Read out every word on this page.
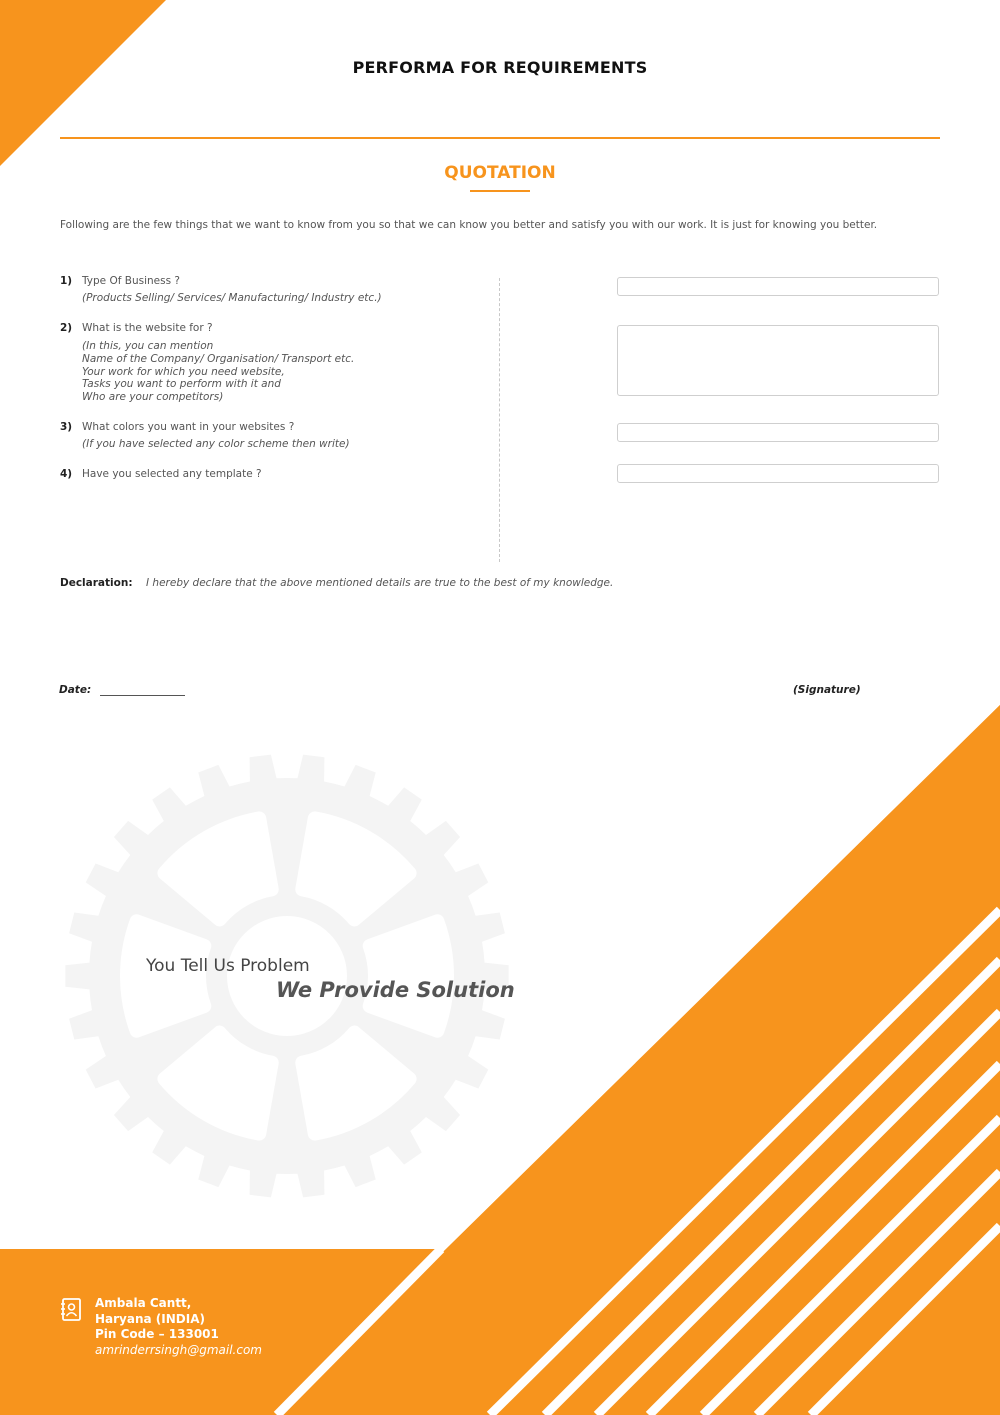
PERFORMA FOR REQUIREMENTS
QUOTATION
Following are the few things that we want to know from you so that we can know you better and satisfy you with our work. It is just for knowing you better.
1) Type Of Business ?
(Products Selling/ Services/ Manufacturing/ Industry etc.)
2) What is the website for ?
(In this, you can mention
Name of the Company/ Organisation/ Transport etc.
Your work for which you need website,
Tasks you want to perform with it and
Who are your competitors)
3) What colors you want in your websites ?
(If you have selected any color scheme then write)
4) Have you selected any template ?
Declaration: I hereby declare that the above mentioned details are true to the best of my knowledge.
Date:	(Signature)
You Tell Us Problem
We Provide Solution
Ambala Cantt,
Haryana (INDIA)
Pin Code – 133001
amrinderrsingh@gmail.com
